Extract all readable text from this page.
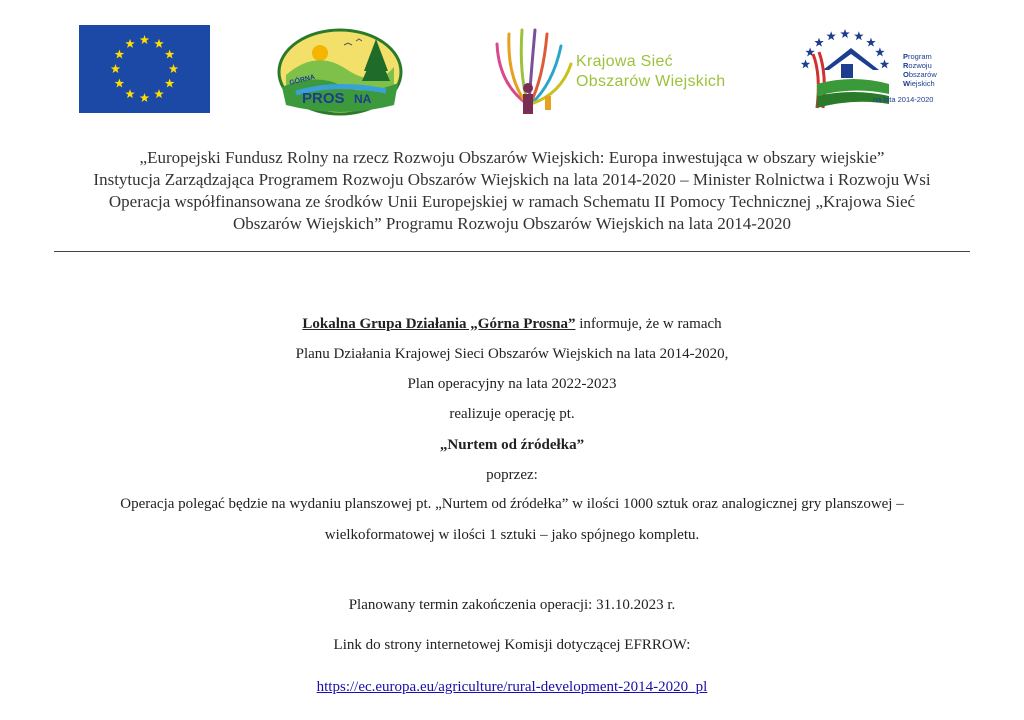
GÓRNA
PROS NA
Krajowa Sieć
Obszarów Wiejskich
Program
Rozwoju
Obszarów
Wiejskich
na lata 2014-2020
„Europejski Fundusz Rolny na rzecz Rozwoju Obszarów Wiejskich: Europa inwestująca w obszary wiejskie”
Instytucja Zarządzająca Programem Rozwoju Obszarów Wiejskich na lata 2014-2020 – Minister Rolnictwa i Rozwoju Wsi
Operacja współfinansowana ze środków Unii Europejskiej w ramach Schematu II Pomocy Technicznej „Krajowa Sieć
Obszarów Wiejskich” Programu Rozwoju Obszarów Wiejskich na lata 2014-2020

Lokalna Grupa Działania „Górna Prosna” informuje, że w ramach

Planu Działania Krajowej Sieci Obszarów Wiejskich na lata 2014-2020,

Plan operacyjny na lata 2022-2023

realizuje operację pt.

„Nurtem od źródełka”

poprzez:

Operacja polegać będzie na wydaniu planszowej pt. „Nurtem od źródełka” w ilości 1000 sztuk oraz analogicznej gry planszowej –

wielkoformatowej w ilości 1 sztuki – jako spójnego kompletu.

Planowany termin zakończenia operacji: 31.10.2023 r.

Link do strony internetowej Komisji dotyczącej EFRROW:

https://ec.europa.eu/agriculture/rural-development-2014-2020_pl
